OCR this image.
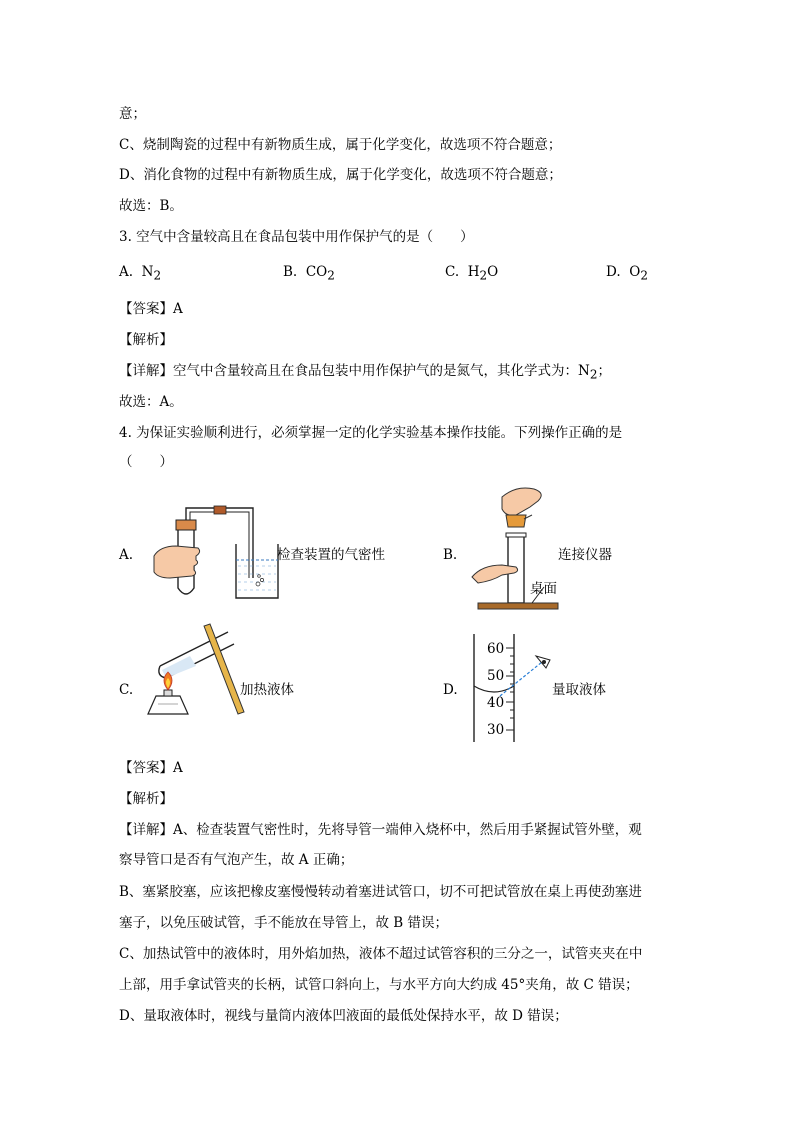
意；
C、烧制陶瓷的过程中有新物质生成，属于化学变化，故选项不符合题意；
D、消化食物的过程中有新物质生成，属于化学变化，故选项不符合题意；
故选：B。
3. 空气中含量较高且在食品包装中用作保护气的是（　　）
A. $N_2$	B. $CO_2$	C. $H_2O$	D. $O_2$
【答案】A
【解析】
【详解】空气中含量较高且在食品包装中用作保护气的是氮气，其化学式为：$N_2$；
故选：A。
4. 为保证实验顺利进行，必须掌握一定的化学实验基本操作技能。下列操作正确的是
（　　）
A.	检查装置的气密性	B.
桌面
连接仪器
C.	加热液体	D.
60
50
40
30
量取液体
【答案】A
【解析】
【详解】A、检查装置气密性时，先将导管一端伸入烧杯中，然后用手紧握试管外壁，观
察导管口是否有气泡产生，故 A 正确；
B、塞紧胶塞，应该把橡皮塞慢慢转动着塞进试管口，切不可把试管放在桌上再使劲塞进
塞子，以免压破试管，手不能放在导管上，故 B 错误；
C、加热试管中的液体时，用外焰加热，液体不超过试管容积的三分之一，试管夹夹在中
上部，用手拿试管夹的长柄，试管口斜向上，与水平方向大约成 45°夹角，故 C 错误；
D、量取液体时，视线与量筒内液体凹液面的最低处保持水平，故 D 错误；
